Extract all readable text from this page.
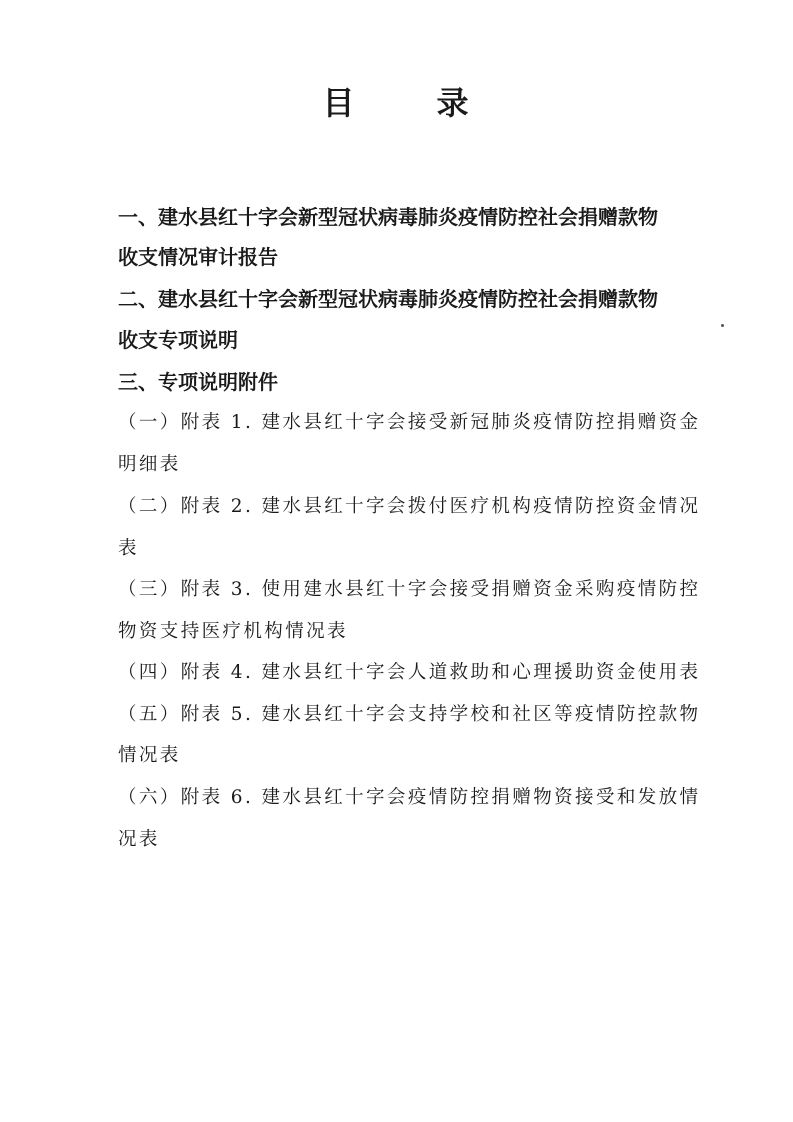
目	录
一、建水县红十字会新型冠状病毒肺炎疫情防控社会捐赠款物
收支情况审计报告
二、建水县红十字会新型冠状病毒肺炎疫情防控社会捐赠款物
收支专项说明
三、专项说明附件
（一）附表 1. 建水县红十字会接受新冠肺炎疫情防控捐赠资金
明细表
（二）附表 2. 建水县红十字会拨付医疗机构疫情防控资金情况
表
（三）附表 3. 使用建水县红十字会接受捐赠资金采购疫情防控
物资支持医疗机构情况表
（四）附表 4. 建水县红十字会人道救助和心理援助资金使用表
（五）附表 5. 建水县红十字会支持学校和社区等疫情防控款物
情况表
（六）附表 6. 建水县红十字会疫情防控捐赠物资接受和发放情
况表
